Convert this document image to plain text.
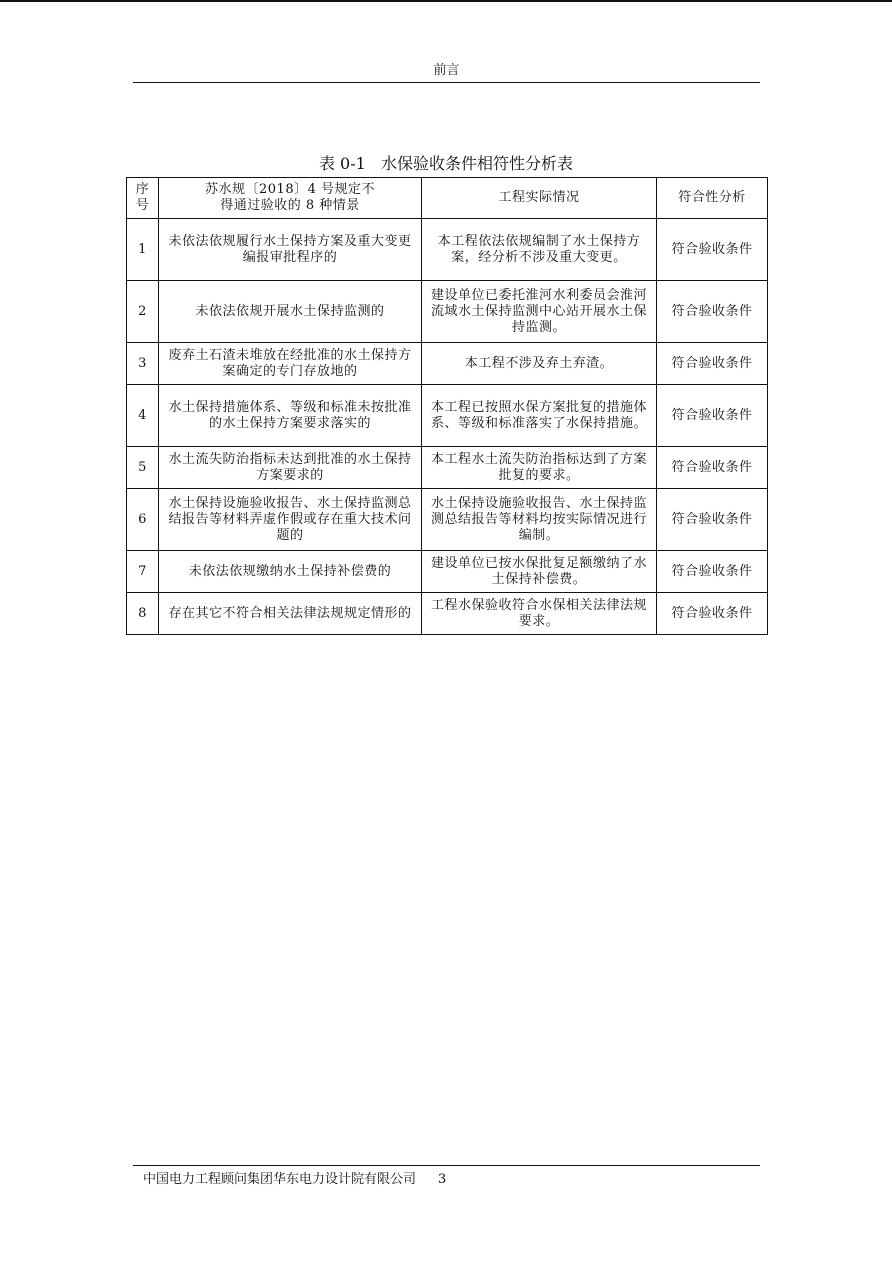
前言
表 0-1   水保验收条件相符性分析表
序号	苏水规〔2018〕4 号规定不得通过验收的 8 种情景	工程实际情况	符合性分析
1	未依法依规履行水土保持方案及重大变更编报审批程序的	本工程依法依规编制了水土保持方案，经分析不涉及重大变更。	符合验收条件
2	未依法依规开展水土保持监测的	建设单位已委托淮河水利委员会淮河流域水土保持监测中心站开展水土保持监测。	符合验收条件
3	废弃土石渣未堆放在经批准的水土保持方案确定的专门存放地的	本工程不涉及弃土弃渣。	符合验收条件
4	水土保持措施体系、等级和标准未按批准的水土保持方案要求落实的	本工程已按照水保方案批复的措施体系、等级和标准落实了水保持措施。	符合验收条件
5	水土流失防治指标未达到批准的水土保持方案要求的	本工程水土流失防治指标达到了方案批复的要求。	符合验收条件
6	水土保持设施验收报告、水土保持监测总结报告等材料弄虚作假或存在重大技术问题的	水土保持设施验收报告、水土保持监测总结报告等材料均按实际情况进行编制。	符合验收条件
7	未依法依规缴纳水土保持补偿费的	建设单位已按水保批复足额缴纳了水土保持补偿费。	符合验收条件
8	存在其它不符合相关法律法规规定情形的	工程水保验收符合水保相关法律法规要求。	符合验收条件
中国电力工程顾问集团华东电力设计院有限公司 3
